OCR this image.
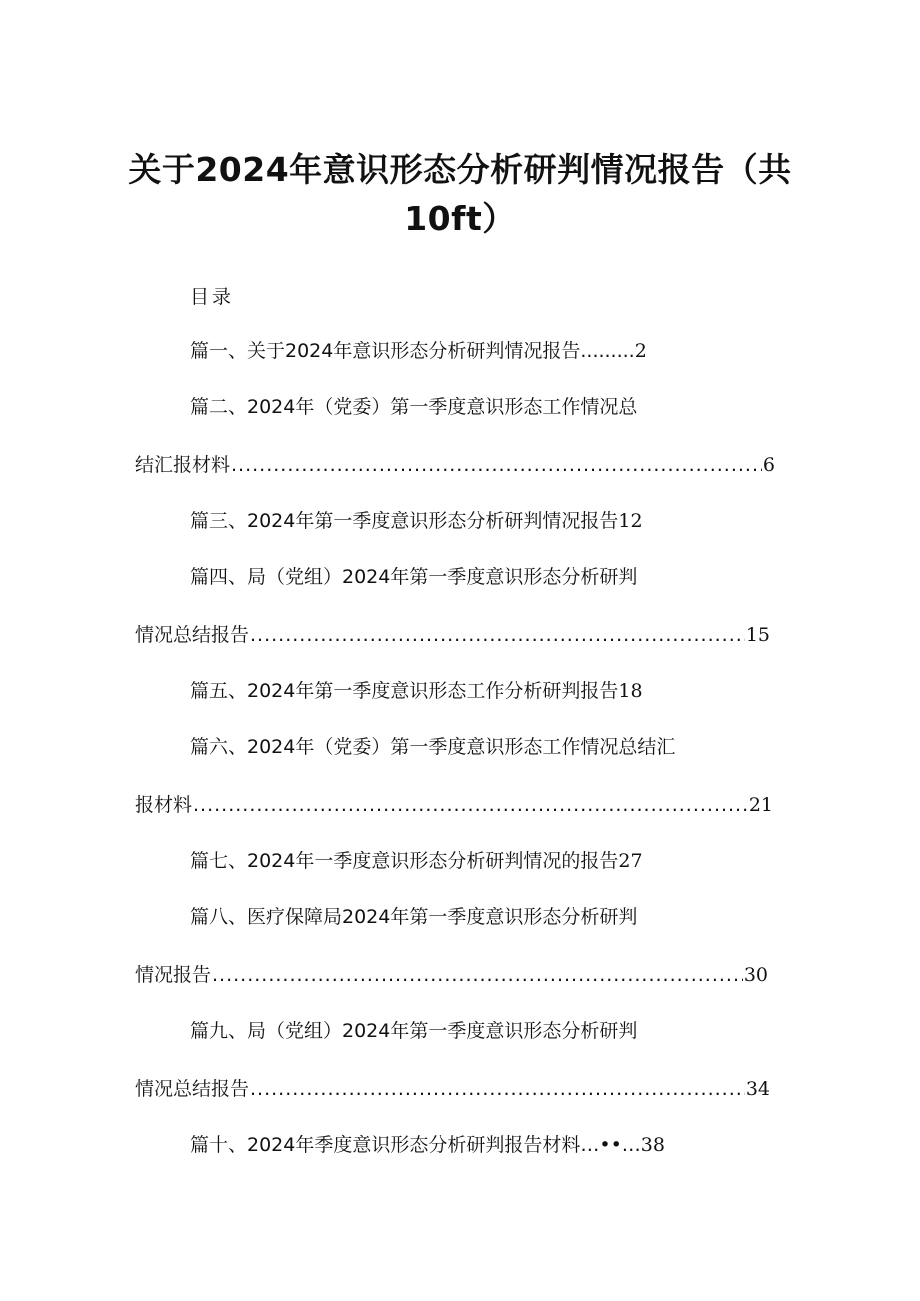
关于2024年意识形态分析研判情况报告（共
10ft）
目录
篇一、关于2024年意识形态分析研判情况报告 ......... 2
篇二、2024年（党委）第一季度意识形态工作情况总
结汇报材料 .....	6
篇三、2024年第一季度意识形态分析研判情况报告 12
篇四、局（党组）2024年第一季度意识形态分析研判
情况总结报告 .....	15
篇五、2024年第一季度意识形态工作分析研判报告 18
篇六、2024年（党委）第一季度意识形态工作情况总结汇
报材料 .....	21
篇七、2024年一季度意识形态分析研判情况的报告 27
篇八、医疗保障局2024年第一季度意识形态分析研判
情况报告 .....	30
篇九、局（党组）2024年第一季度意识形态分析研判
情况总结报告 .....	34
篇十、2024年季度意识形态分析研判报告材料 …••… 38
